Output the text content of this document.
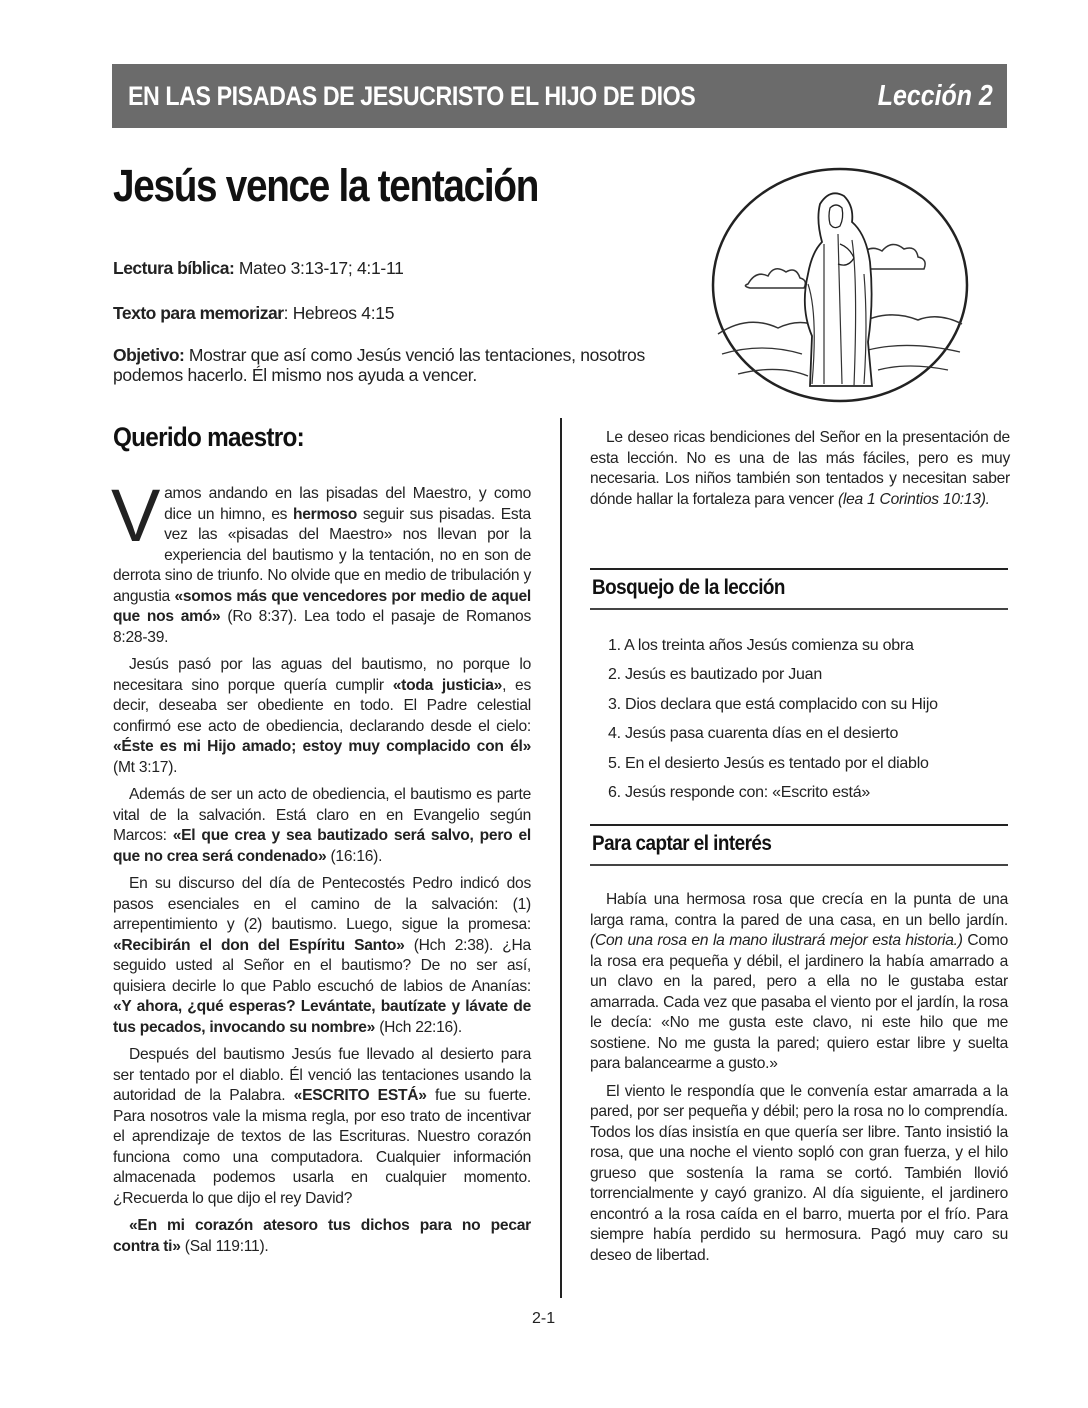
EN LAS PISADAS DE JESUCRISTO EL HIJO DE DIOS	Lección 2
Jesús vence la tentación
Lectura bíblica: Mateo 3:13-17; 4:1-11
Texto para memorizar: Hebreos 4:15
Objetivo: Mostrar que así como Jesús venció las tentaciones, nosotros podemos hacerlo. Él mismo nos ayuda a vencer.
Querido maestro:

Vamos andando en las pisadas del Maestro, y como dice un himno, es hermoso seguir sus pisadas. Esta vez las «pisadas del Maestro» nos llevan por la experiencia del bautismo y la tentación, no en son de derrota sino de triunfo. No olvide que en medio de tribulación y angustia «somos más que vencedores por medio de aquel que nos amó» (Ro 8:37). Lea todo el pasaje de Romanos 8:28-39.

Jesús pasó por las aguas del bautismo, no porque lo necesitara sino porque quería cumplir «toda justicia», es decir, deseaba ser obediente en todo. El Padre celestial confirmó ese acto de obediencia, declarando desde el cielo: «Éste es mi Hijo amado; estoy muy complacido con él» (Mt 3:17).

Además de ser un acto de obediencia, el bautismo es parte vital de la salvación. Está claro en en Evangelio según Marcos: «El que crea y sea bautizado será salvo, pero el que no crea será condenado» (16:16).

En su discurso del día de Pentecostés Pedro indicó dos pasos esenciales en el camino de la salvación: (1) arrepentimiento y (2) bautismo. Luego, sigue la promesa: «Recibirán el don del Espíritu Santo» (Hch 2:38). ¿Ha seguido usted al Señor en el bautismo? De no ser así, quisiera decirle lo que Pablo escuchó de labios de Ananías: «Y ahora, ¿qué esperas? Levántate, bautízate y lávate de tus pecados, invocando su nombre» (Hch 22:16).

Después del bautismo Jesús fue llevado al desierto para ser tentado por el diablo. Él venció las tentaciones usando la autoridad de la Palabra. «ESCRITO ESTÁ» fue su fuerte. Para nosotros vale la misma regla, por eso trato de incentivar el aprendizaje de textos de las Escrituras. Nuestro corazón funciona como una computadora. Cualquier información almacenada podemos usarla en cualquier momento. ¿Recuerda lo que dijo el rey David?

«En mi corazón atesoro tus dichos para no pecar contra ti» (Sal 119:11).

Le deseo ricas bendiciones del Señor en la presentación de esta lección. No es una de las más fáciles, pero es muy necesaria. Los niños también son tentados y necesitan saber dónde hallar la fortaleza para vencer (lea 1 Corintios 10:13).

Bosquejo de la lección
1. A los treinta años Jesús comienza su obra
2. Jesús es bautizado por Juan
3. Dios declara que está complacido con su Hijo
4. Jesús pasa cuarenta días en el desierto
5. En el desierto Jesús es tentado por el diablo
6. Jesús responde con: «Escrito está»
Para captar el interés

Había una hermosa rosa que crecía en la punta de una larga rama, contra la pared de una casa, en un bello jardín. (Con una rosa en la mano ilustrará mejor esta historia.) Como la rosa era pequeña y débil, el jardinero la había amarrado a un clavo en la pared, pero a ella no le gustaba estar amarrada. Cada vez que pasaba el viento por el jardín, la rosa le decía: «No me gusta este clavo, ni este hilo que me sostiene. No me gusta la pared; quiero estar libre y suelta para balancearme a gusto.»

El viento le respondía que le convenía estar amarrada a la pared, por ser pequeña y débil; pero la rosa no lo comprendía. Todos los días insistía en que quería ser libre. Tanto insistió la rosa, que una noche el viento sopló con gran fuerza, y el hilo grueso que sostenía la rama se cortó. También llovió torrencialmente y cayó granizo. Al día siguiente, el jardinero encontró a la rosa caída en el barro, muerta por el frío. Para siempre había perdido su hermosura. Pagó muy caro su deseo de libertad.

2-1
